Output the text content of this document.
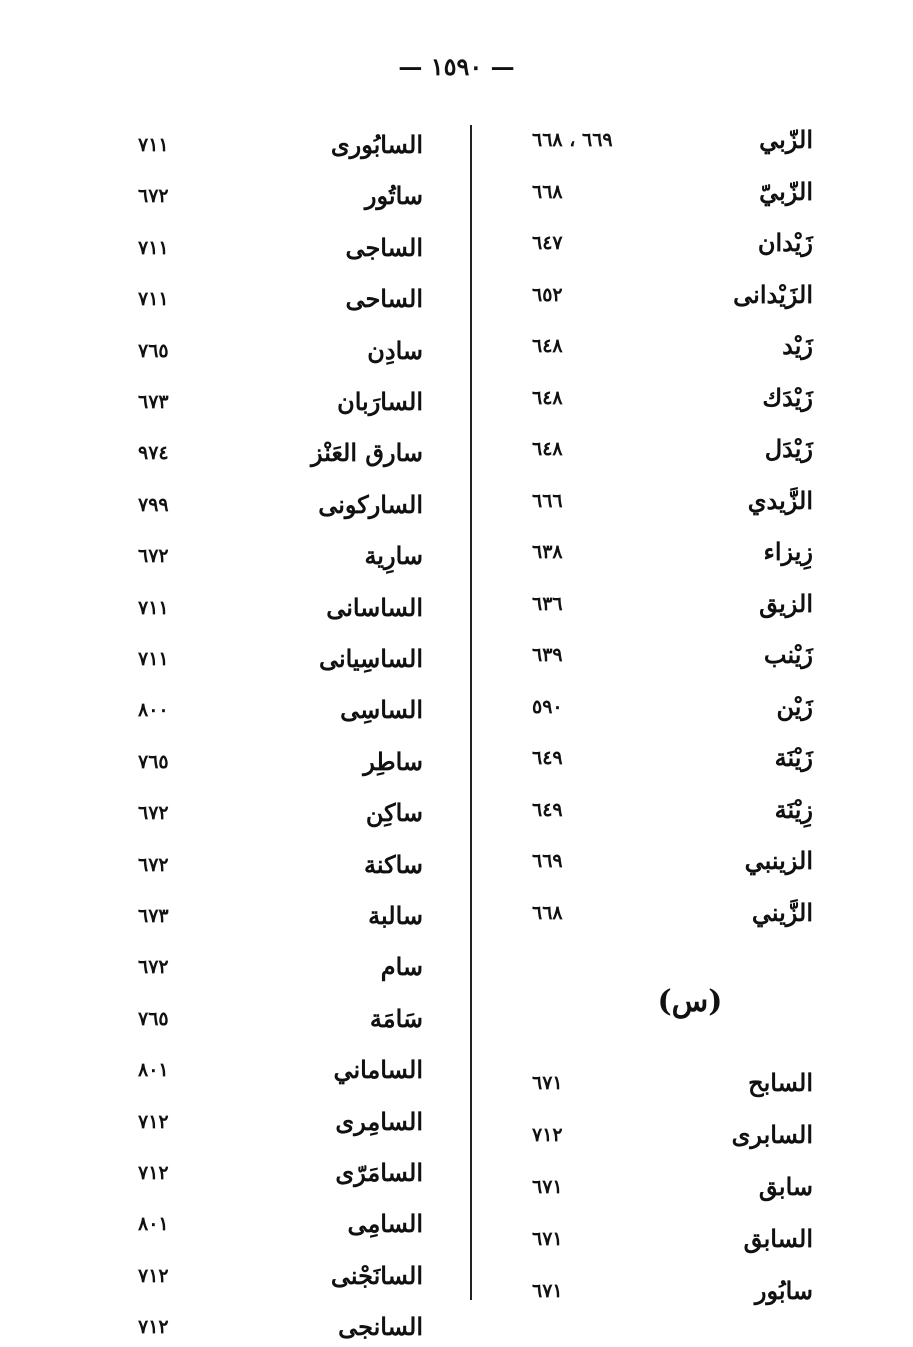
— ١٥٩٠ —
الزّبي
٦٦٩ ، ٦٦٨
الزّبيّ
٦٦٨
زَيْدان
٦٤٧
الزَيْدانى
٦٥٢
زَيْد
٦٤٨
زَيْدَك
٦٤٨
زَيْدَل
٦٤٨
الزَّيدي
٦٦٦
زِيزاء
٦٣٨
الزيق
٦٣٦
زَيْنب
٦٣٩
زَيْن
٥٩٠
زَيْنَة
٦٤٩
زِيْنَة
٦٤٩
الزينبي
٦٦٩
الزَّيني
٦٦٨
السابح
٦٧١
السابرى
٧١٢
سابق
٦٧١
السابق
٦٧١
سابُور
٦٧١
(س)
السابُورى
٧١١
ساتُور
٦٧٢
الساجى
٧١١
الساحى
٧١١
سادِن
٧٦٥
السارَبان
٦٧٣
سارق العَنْز
٩٧٤
الساركونى
٧٩٩
سارِية
٦٧٢
الساسانى
٧١١
الساسِيانى
٧١١
الساسِى
٨٠٠
ساطِر
٧٦٥
ساكِن
٦٧٢
ساكنة
٦٧٢
سالبة
٦٧٣
سام
٦٧٢
سَامَة
٧٦٥
الساماني
٨٠١
السامِرى
٧١٢
السامَرّى
٧١٢
السامِى
٨٠١
السانَجْنى
٧١٢
السانجى
٧١٢
